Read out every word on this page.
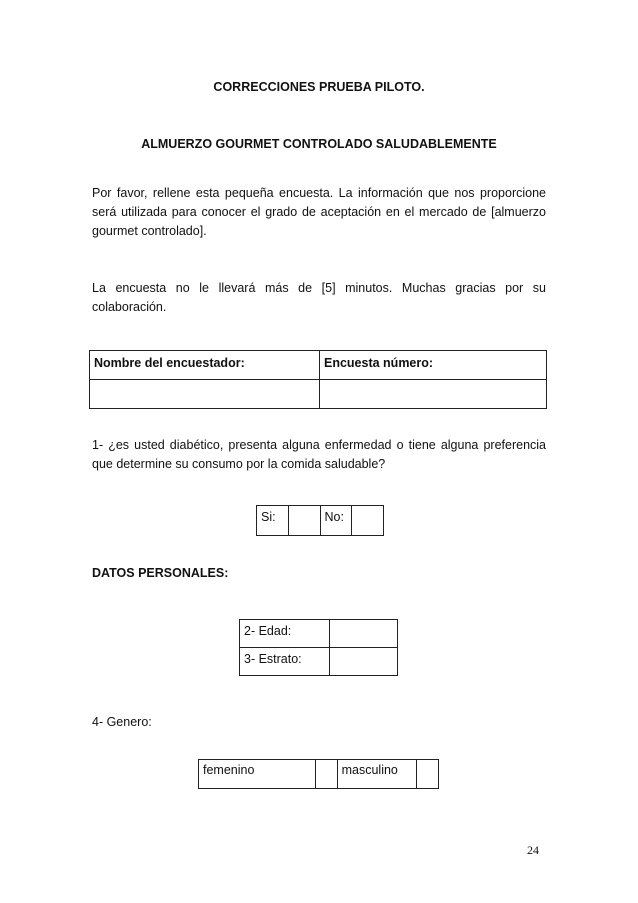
CORRECCIONES PRUEBA PILOTO.
ALMUERZO GOURMET CONTROLADO SALUDABLEMENTE
Por favor, rellene esta pequeña encuesta. La información que nos proporcione será utilizada para conocer el grado de aceptación en el mercado de [almuerzo gourmet controlado].
La encuesta no le llevará más de [5] minutos. Muchas gracias por su colaboración.
Nombre del encuestador:	Encuesta número:

1- ¿es usted diabético, presenta alguna enfermedad o tiene alguna preferencia que determine su consumo por la comida saludable?
Si:		No:	
DATOS PERSONALES:
2- Edad:	
3- Estrato:	
4- Genero:
femenino		masculino	
24
